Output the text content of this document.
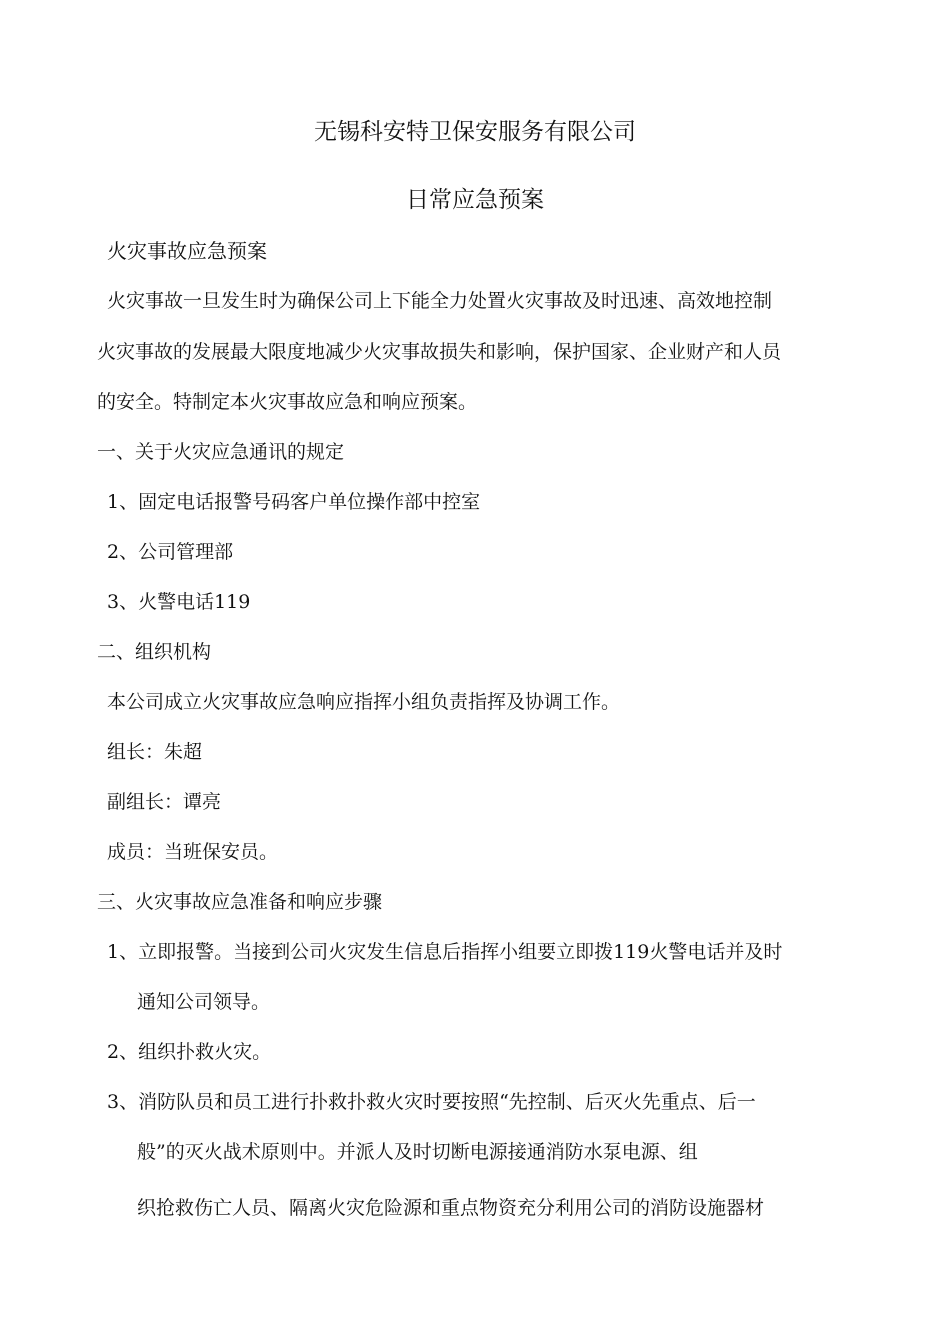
无锡科安特卫保安服务有限公司
日常应急预案
火灾事故应急预案
火灾事故一旦发生时为确保公司上下能全力处置火灾事故及时迅速、高效地控制
火灾事故的发展最大限度地减少火灾事故损失和影响，保护国家、企业财产和人员
的安全。特制定本火灾事故应急和响应预案。
一、关于火灾应急通讯的规定
1、固定电话报警号码客户单位操作部中控室
2、公司管理部
3、火警电话119
二、组织机构
本公司成立火灾事故应急响应指挥小组负责指挥及协调工作。
组长：朱超
副组长：谭亮
成员：当班保安员。
三、火灾事故应急准备和响应步骤
1、立即报警。当接到公司火灾发生信息后指挥小组要立即拨119火警电话并及时
通知公司领导。
2、组织扑救火灾。
3、消防队员和员工进行扑救扑救火灾时要按照“先控制、后灭火先重点、后一
般”的灭火战术原则中。并派人及时切断电源接通消防水泵电源、组
织抢救伤亡人员、隔离火灾危险源和重点物资充分利用公司的消防设施器材
